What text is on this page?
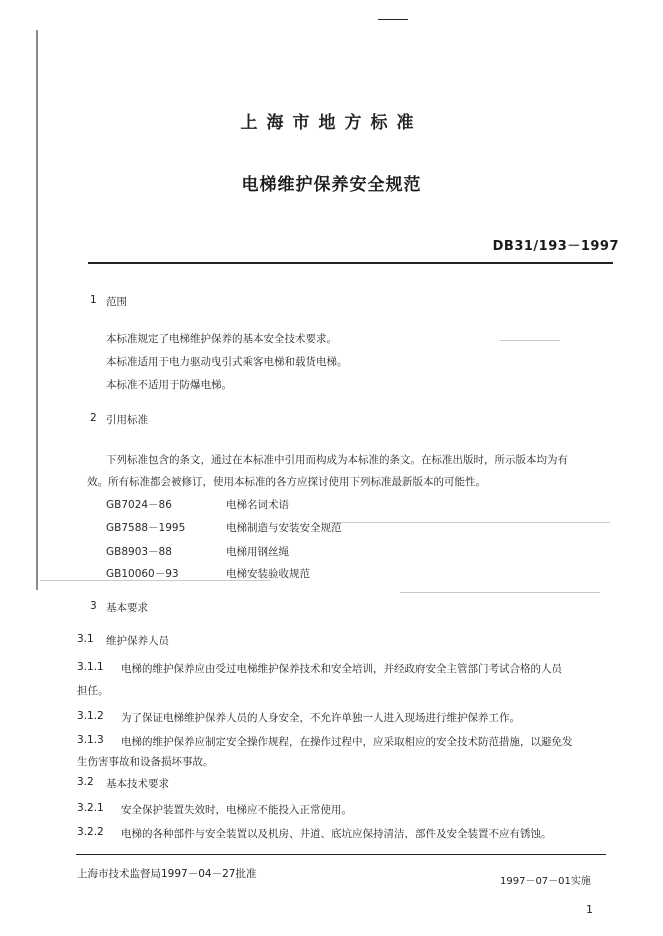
上海市地方标准
电梯维护保养安全规范
DB31/193－1997
1 范围
本标准规定了电梯维护保养的基本安全技术要求。
本标准适用于电力驱动曳引式乘客电梯和载货电梯。
本标准不适用于防爆电梯。
2 引用标准
下列标准包含的条文，通过在本标准中引用而构成为本标准的条文。在标准出版时，所示版本均为有
效。所有标准都会被修订，使用本标准的各方应探讨使用下列标准最新版本的可能性。
GB7024－86	电梯名词术语
GB7588－1995	电梯制造与安装安全规范
GB8903－88	电梯用钢丝绳
GB10060－93	电梯安装验收规范
3 基本要求
3.1 维护保养人员
3.1.1 电梯的维护保养应由受过电梯维护保养技术和安全培训，并经政府安全主管部门考试合格的人员
担任。
3.1.2 为了保证电梯维护保养人员的人身安全，不允许单独一人进入现场进行维护保养工作。
3.1.3 电梯的维护保养应制定安全操作规程，在操作过程中，应采取相应的安全技术防范措施，以避免发
生伤害事故和设备损坏事故。
3.2 基本技术要求
3.2.1 安全保护装置失效时，电梯应不能投入正常使用。
3.2.2 电梯的各种部件与安全装置以及机房、井道、底坑应保持清洁，部件及安全装置不应有锈蚀。
上海市技术监督局1997－04－27批准
1997－07－01实施
1
